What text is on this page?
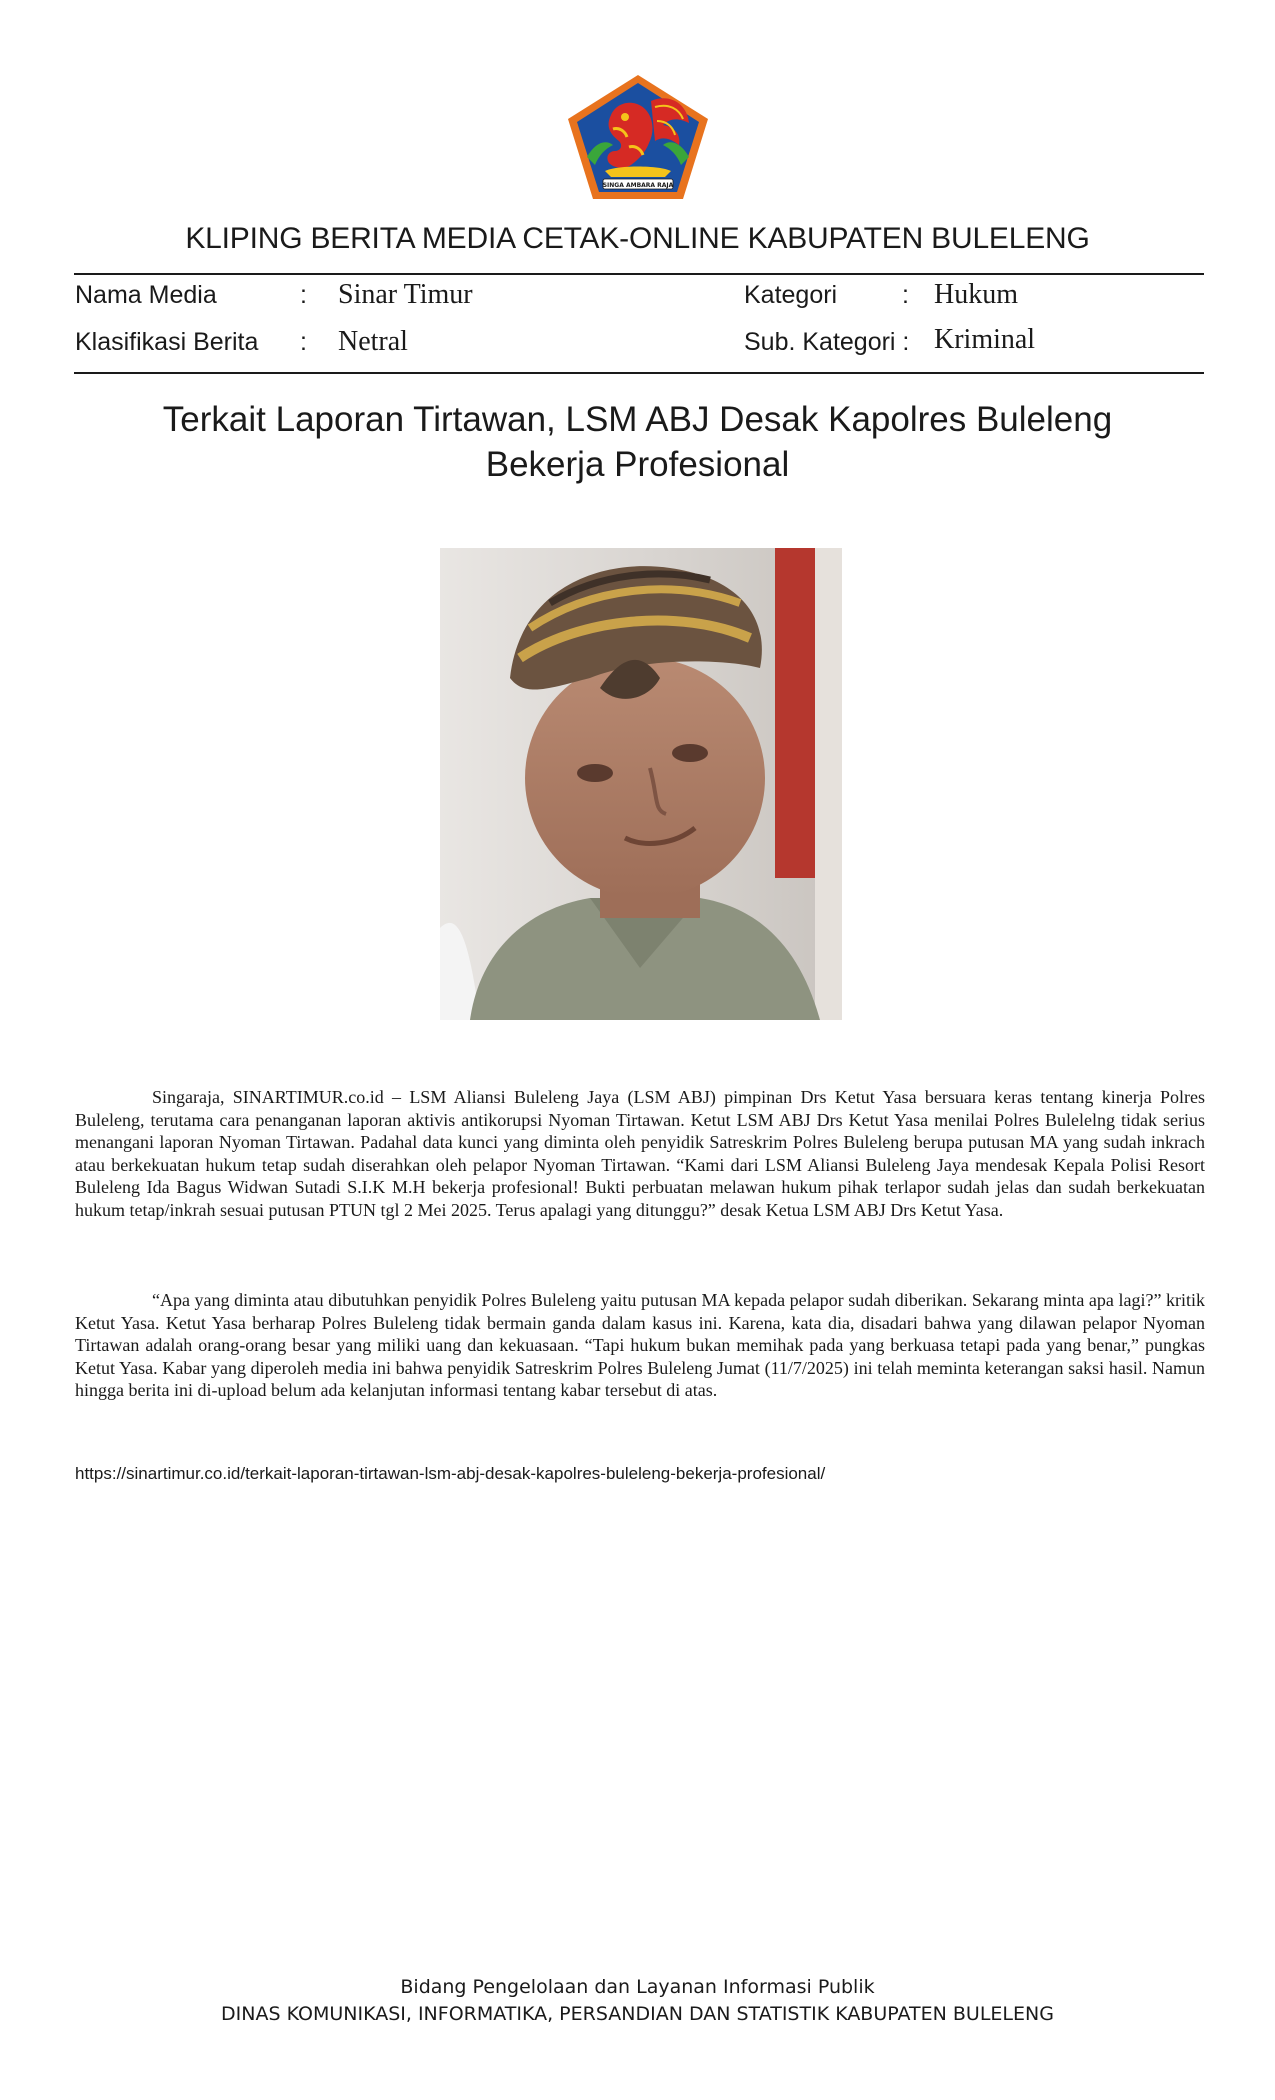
SINGA AMBARA RAJA
KLIPING BERITA MEDIA CETAK-ONLINE KABUPATEN BULELENG
Nama Media	: Sinar Timur	Kategori	: Hukum
Klasifikasi Berita : Netral	Sub. Kategori : Kriminal
Terkait Laporan Tirtawan, LSM ABJ Desak Kapolres Buleleng
Bekerja Profesional

Singaraja, SINARTIMUR.co.id – LSM Aliansi Buleleng Jaya (LSM ABJ) pimpinan Drs Ketut Yasa bersuara keras tentang kinerja Polres Buleleng, terutama cara penanganan laporan aktivis antikorupsi Nyoman Tirtawan. Ketut LSM ABJ Drs Ketut Yasa menilai Polres Bulelelng tidak serius menangani laporan Nyoman Tirtawan. Padahal data kunci yang diminta oleh penyidik Satreskrim Polres Buleleng berupa putusan MA yang sudah inkrach atau berkekuatan hukum tetap sudah diserahkan oleh pelapor Nyoman Tirtawan. “Kami dari LSM Aliansi Buleleng Jaya mendesak Kepala Polisi Resort Buleleng Ida Bagus Widwan Sutadi S.I.K M.H bekerja profesional! Bukti perbuatan melawan hukum pihak terlapor sudah jelas dan sudah berkekuatan hukum tetap/inkrah sesuai putusan PTUN tgl 2 Mei 2025. Terus apalagi yang ditunggu?” desak Ketua LSM ABJ Drs Ketut Yasa.

“Apa yang diminta atau dibutuhkan penyidik Polres Buleleng yaitu putusan MA kepada pelapor sudah diberikan. Sekarang minta apa lagi?” kritik Ketut Yasa. Ketut Yasa berharap Polres Buleleng tidak bermain ganda dalam kasus ini. Karena, kata dia, disadari bahwa yang dilawan pelapor Nyoman Tirtawan adalah orang-orang besar yang miliki uang dan kekuasaan. “Tapi hukum bukan memihak pada yang berkuasa tetapi pada yang benar,” pungkas Ketut Yasa. Kabar yang diperoleh media ini bahwa penyidik Satreskrim Polres Buleleng Jumat (11/7/2025) ini telah meminta keterangan saksi hasil. Namun hingga berita ini di-upload belum ada kelanjutan informasi tentang kabar tersebut di atas.

https://sinartimur.co.id/terkait-laporan-tirtawan-lsm-abj-desak-kapolres-buleleng-bekerja-profesional/
Bidang Pengelolaan dan Layanan Informasi Publik
DINAS KOMUNIKASI, INFORMATIKA, PERSANDIAN DAN STATISTIK KABUPATEN BULELENG
